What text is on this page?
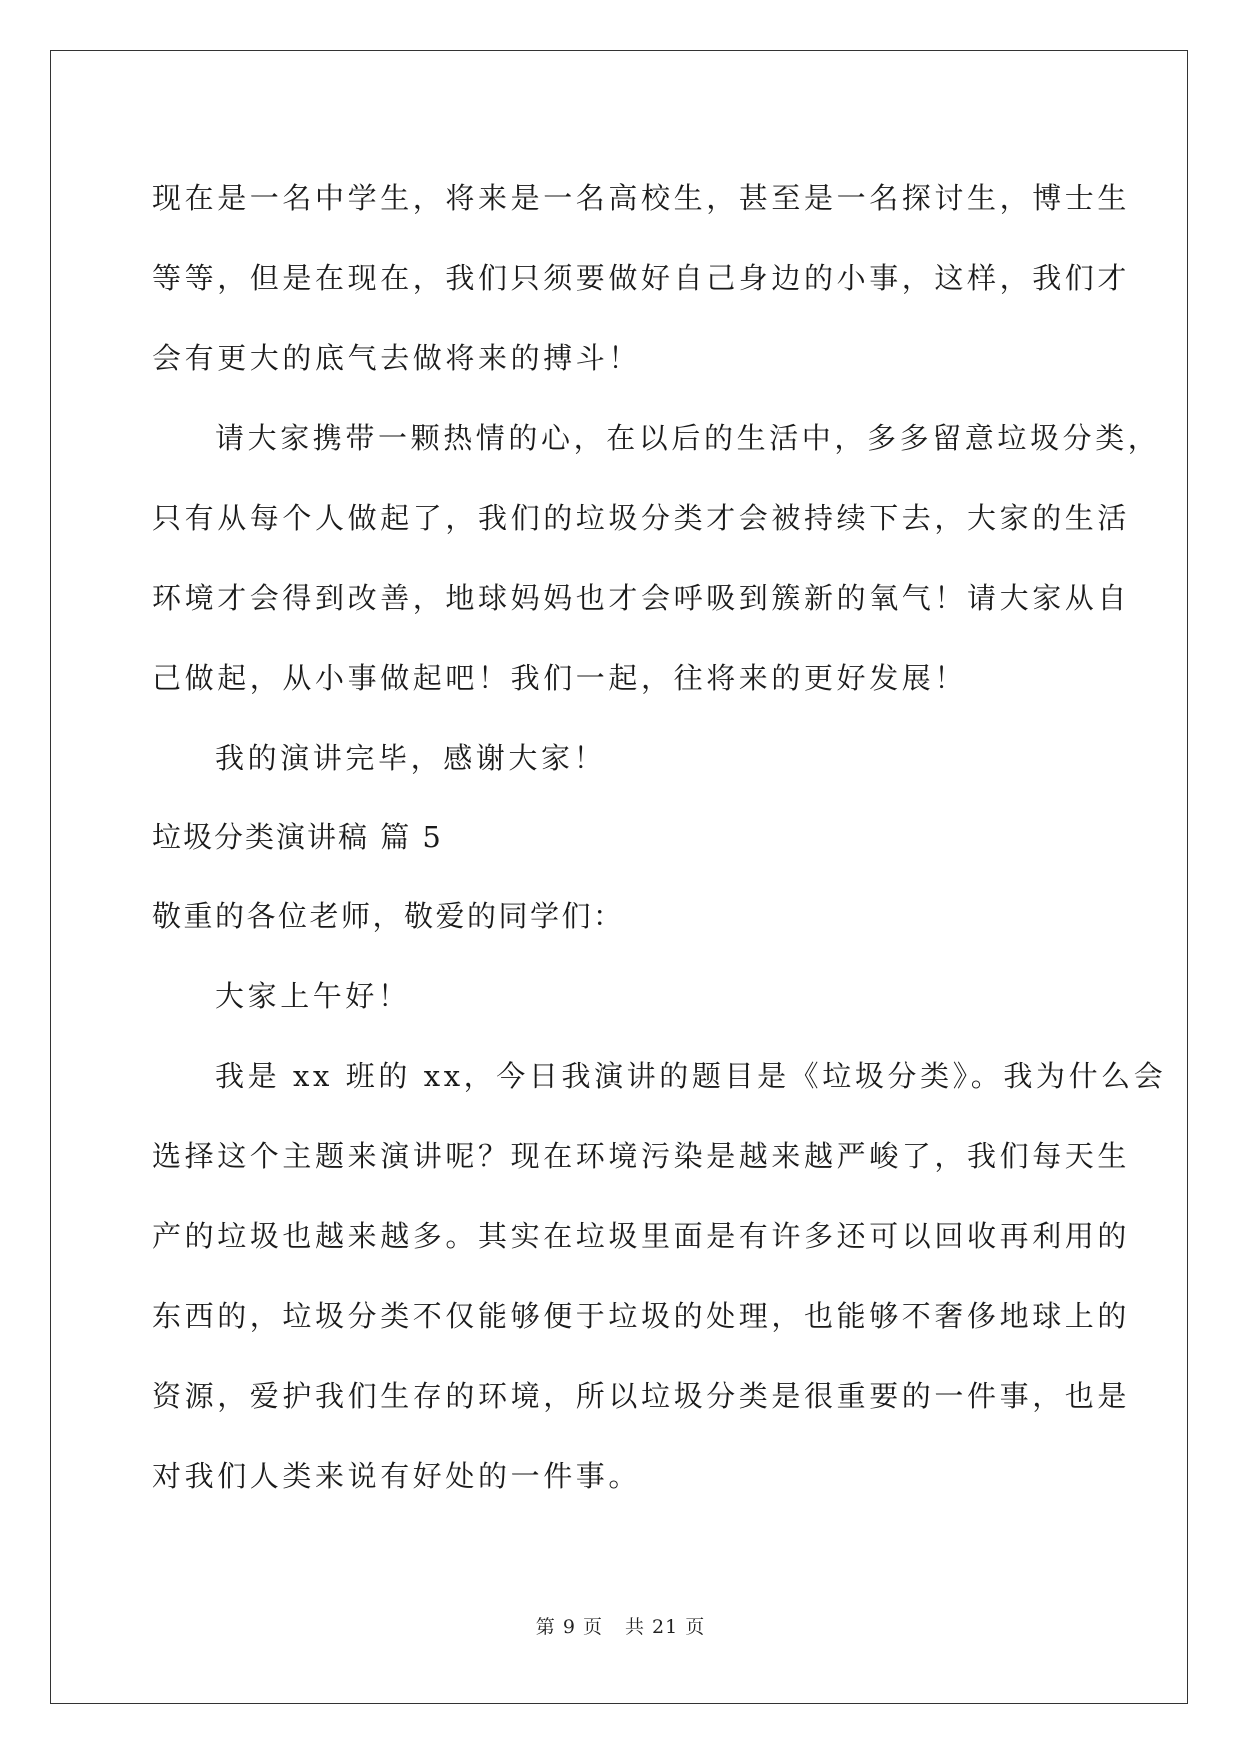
现在是一名中学生，将来是一名高校生，甚至是一名探讨生，博士生
等等，但是在现在，我们只须要做好自己身边的小事，这样，我们才
会有更大的底气去做将来的搏斗！
请大家携带一颗热情的心，在以后的生活中，多多留意垃圾分类，
只有从每个人做起了，我们的垃圾分类才会被持续下去，大家的生活
环境才会得到改善，地球妈妈也才会呼吸到簇新的氧气！请大家从自
己做起，从小事做起吧！我们一起，往将来的更好发展！
我的演讲完毕，感谢大家！
垃圾分类演讲稿 篇 5
敬重的各位老师，敬爱的同学们：
大家上午好！
我是 xx 班的 xx，今日我演讲的题目是《垃圾分类》。我为什么会
选择这个主题来演讲呢？现在环境污染是越来越严峻了，我们每天生
产的垃圾也越来越多。其实在垃圾里面是有许多还可以回收再利用的
东西的，垃圾分类不仅能够便于垃圾的处理，也能够不奢侈地球上的
资源，爱护我们生存的环境，所以垃圾分类是很重要的一件事，也是
对我们人类来说有好处的一件事。
第 9 页 共 21 页
